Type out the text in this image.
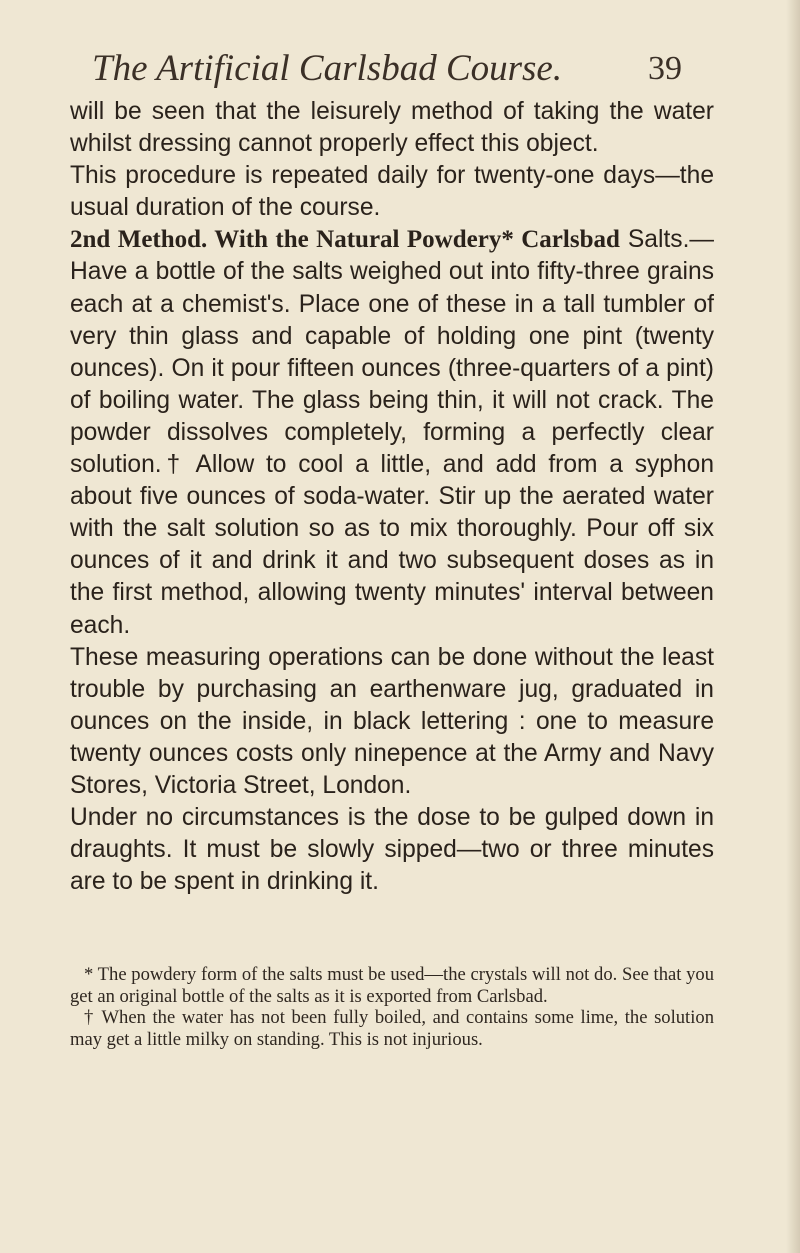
The Artificial Carlsbad Course.	39

will be seen that the leisurely method of taking the water whilst dressing cannot properly effect this object.

This procedure is repeated daily for twenty-one days—the usual duration of the course.

2nd Method. With the Natural Powdery* Carlsbad Salts.—Have a bottle of the salts weighed out into fifty-three grains each at a chemist's. Place one of these in a tall tumbler of very thin glass and capable of holding one pint (twenty ounces). On it pour fifteen ounces (three-quarters of a pint) of boiling water. The glass being thin, it will not crack. The powder dissolves completely, forming a perfectly clear solution.† Allow to cool a little, and add from a syphon about five ounces of soda-water. Stir up the aerated water with the salt solution so as to mix thoroughly. Pour off six ounces of it and drink it and two subsequent doses as in the first method, allowing twenty minutes' interval between each.

These measuring operations can be done without the least trouble by purchasing an earthenware jug, graduated in ounces on the inside, in black lettering : one to measure twenty ounces costs only ninepence at the Army and Navy Stores, Victoria Street, London.

Under no circumstances is the dose to be gulped down in draughts. It must be slowly sipped—two or three minutes are to be spent in drinking it.

* The powdery form of the salts must be used—the crystals will not do. See that you get an original bottle of the salts as it is exported from Carlsbad.

† When the water has not been fully boiled, and contains some lime, the solution may get a little milky on standing. This is not injurious.
